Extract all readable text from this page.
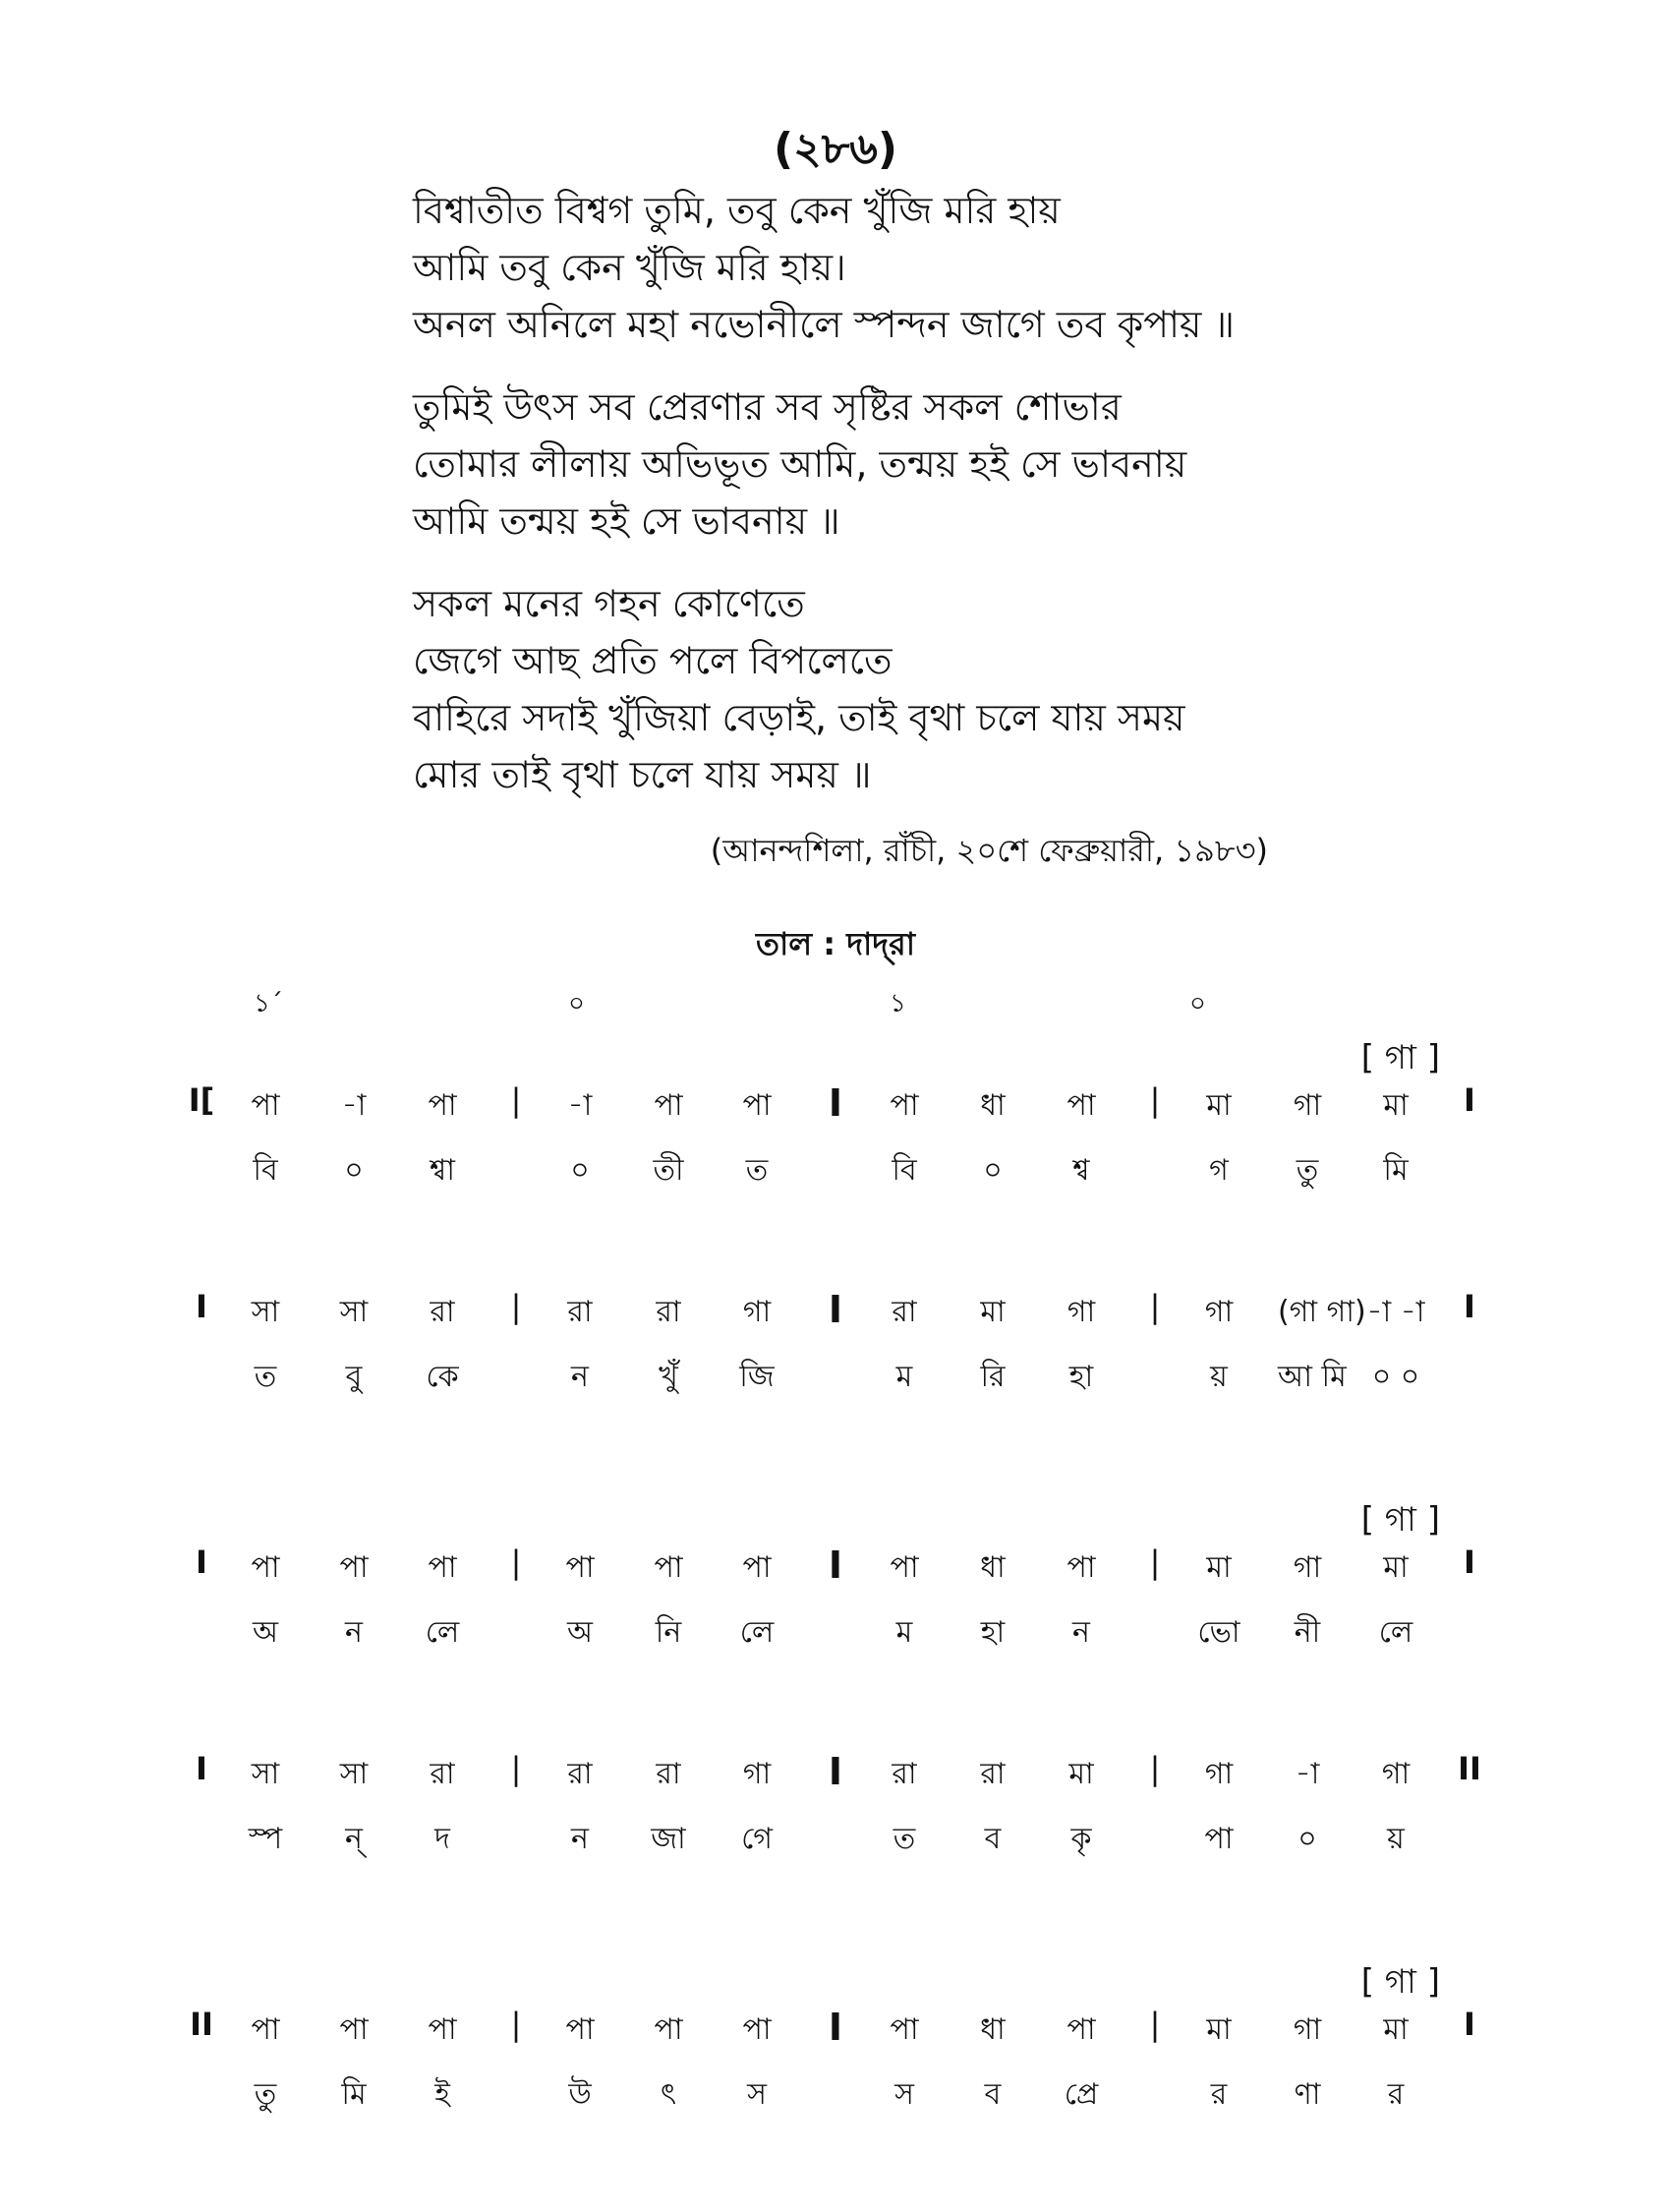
(২৮৬)
বিশ্বাতীত বিশ্বগ তুমি, তবু কেন খুঁজি মরি হায়
আমি তবু কেন খুঁজি মরি হায়।
অনল অনিলে মহা নভোনীলে স্পন্দন জাগে তব কৃপায় ॥
তুমিই উৎস সব প্রেরণার সব সৃষ্টির সকল শোভার
তোমার লীলায় অভিভূত আমি, তন্ময় হই সে ভাবনায়
আমি তন্ময় হই সে ভাবনায় ॥
সকল মনের গহন কোণেতে
জেগে আছ প্রতি পলে বিপলেতে
বাহিরে সদাই খুঁজিয়া বেড়াই, তাই বৃথা চলে যায় সময়
মোর তাই বৃথা চলে যায় সময় ॥
(আনন্দশিলা, রাঁচী, ২০শে ফেব্রুয়ারী, ১৯৮৩)
তাল : দাদ্‌রা
১´	০	১	০
[ গা ]
I[	|	I	|	I
পা	-া	পা	-া	পা	পা	পা	ধা	পা	মা	গা	মা
বি	০	শ্বা	০	তী	ত	বি	০	শ্ব	গ	তু	মি
I	|	I	|	I
সা	সা	রা	রা	রা	গা	রা	মা	গা	গা	(গা গা) -া -া
ত	বু	কে	ন	খুঁ	জি	ম	রি	হা	য়	আ মি ০ ০
[ গা ]
I	|	I	|	I
পা	পা	পা	পা	পা	পা	পা	ধা	পা	মা	গা	মা
অ	ন	লে	অ	নি	লে	ম	হা	ন	ভো	নী	লে
I	|	I	|	II
সা	সা	রা	রা	রা	গা	রা	রা	মা	গা	-া	গা
স্প	ন্	দ	ন	জা	গে	ত	ব	কৃ	পা	০	য়
[ গা ]
II	|	I	|	I
পা	পা	পা	পা	পা	পা	পা	ধা	পা	মা	গা	মা
তু	মি	ই	উ	ৎ	স	স	ব	প্রে	র	ণা	র
